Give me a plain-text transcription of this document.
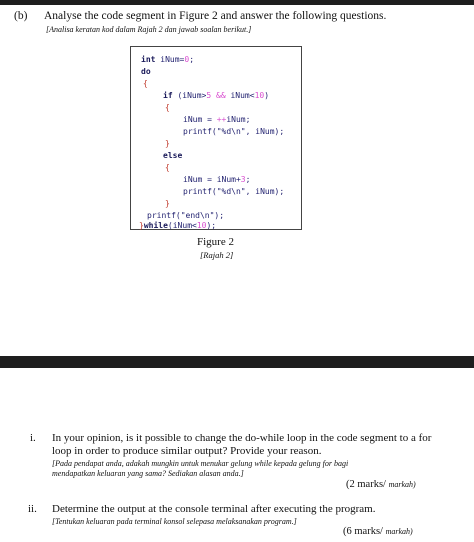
(b) Analyse the code segment in Figure 2 and answer the following questions.
[Analisa keratan kod dalam Rajah 2 dan jawab soalan berikut.]
int iNum=0;
do
{
if (iNum>5 && iNum<10)
{
iNum = ++iNum;
printf("%d\n", iNum);
}
else
{
iNum = iNum+3;
printf("%d\n", iNum);
}
printf("end\n");
}while(iNum<10);
Figure 2
[Rajah 2]
i. In your opinion, is it possible to change the do-while loop in the code segment to a for
loop in order to produce similar output? Provide your reason.
[Pada pendapat anda, adakah mungkin untuk menukar gelung while kepada gelung for bagi
mendapatkan keluaran yang sama? Sediakan alasan anda.]
(2 marks/ markah)
ii. Determine the output at the console terminal after executing the program.
[Tentukan keluaran pada terminal konsol selepasa melaksanakan program.]
(6 marks/ markah)
